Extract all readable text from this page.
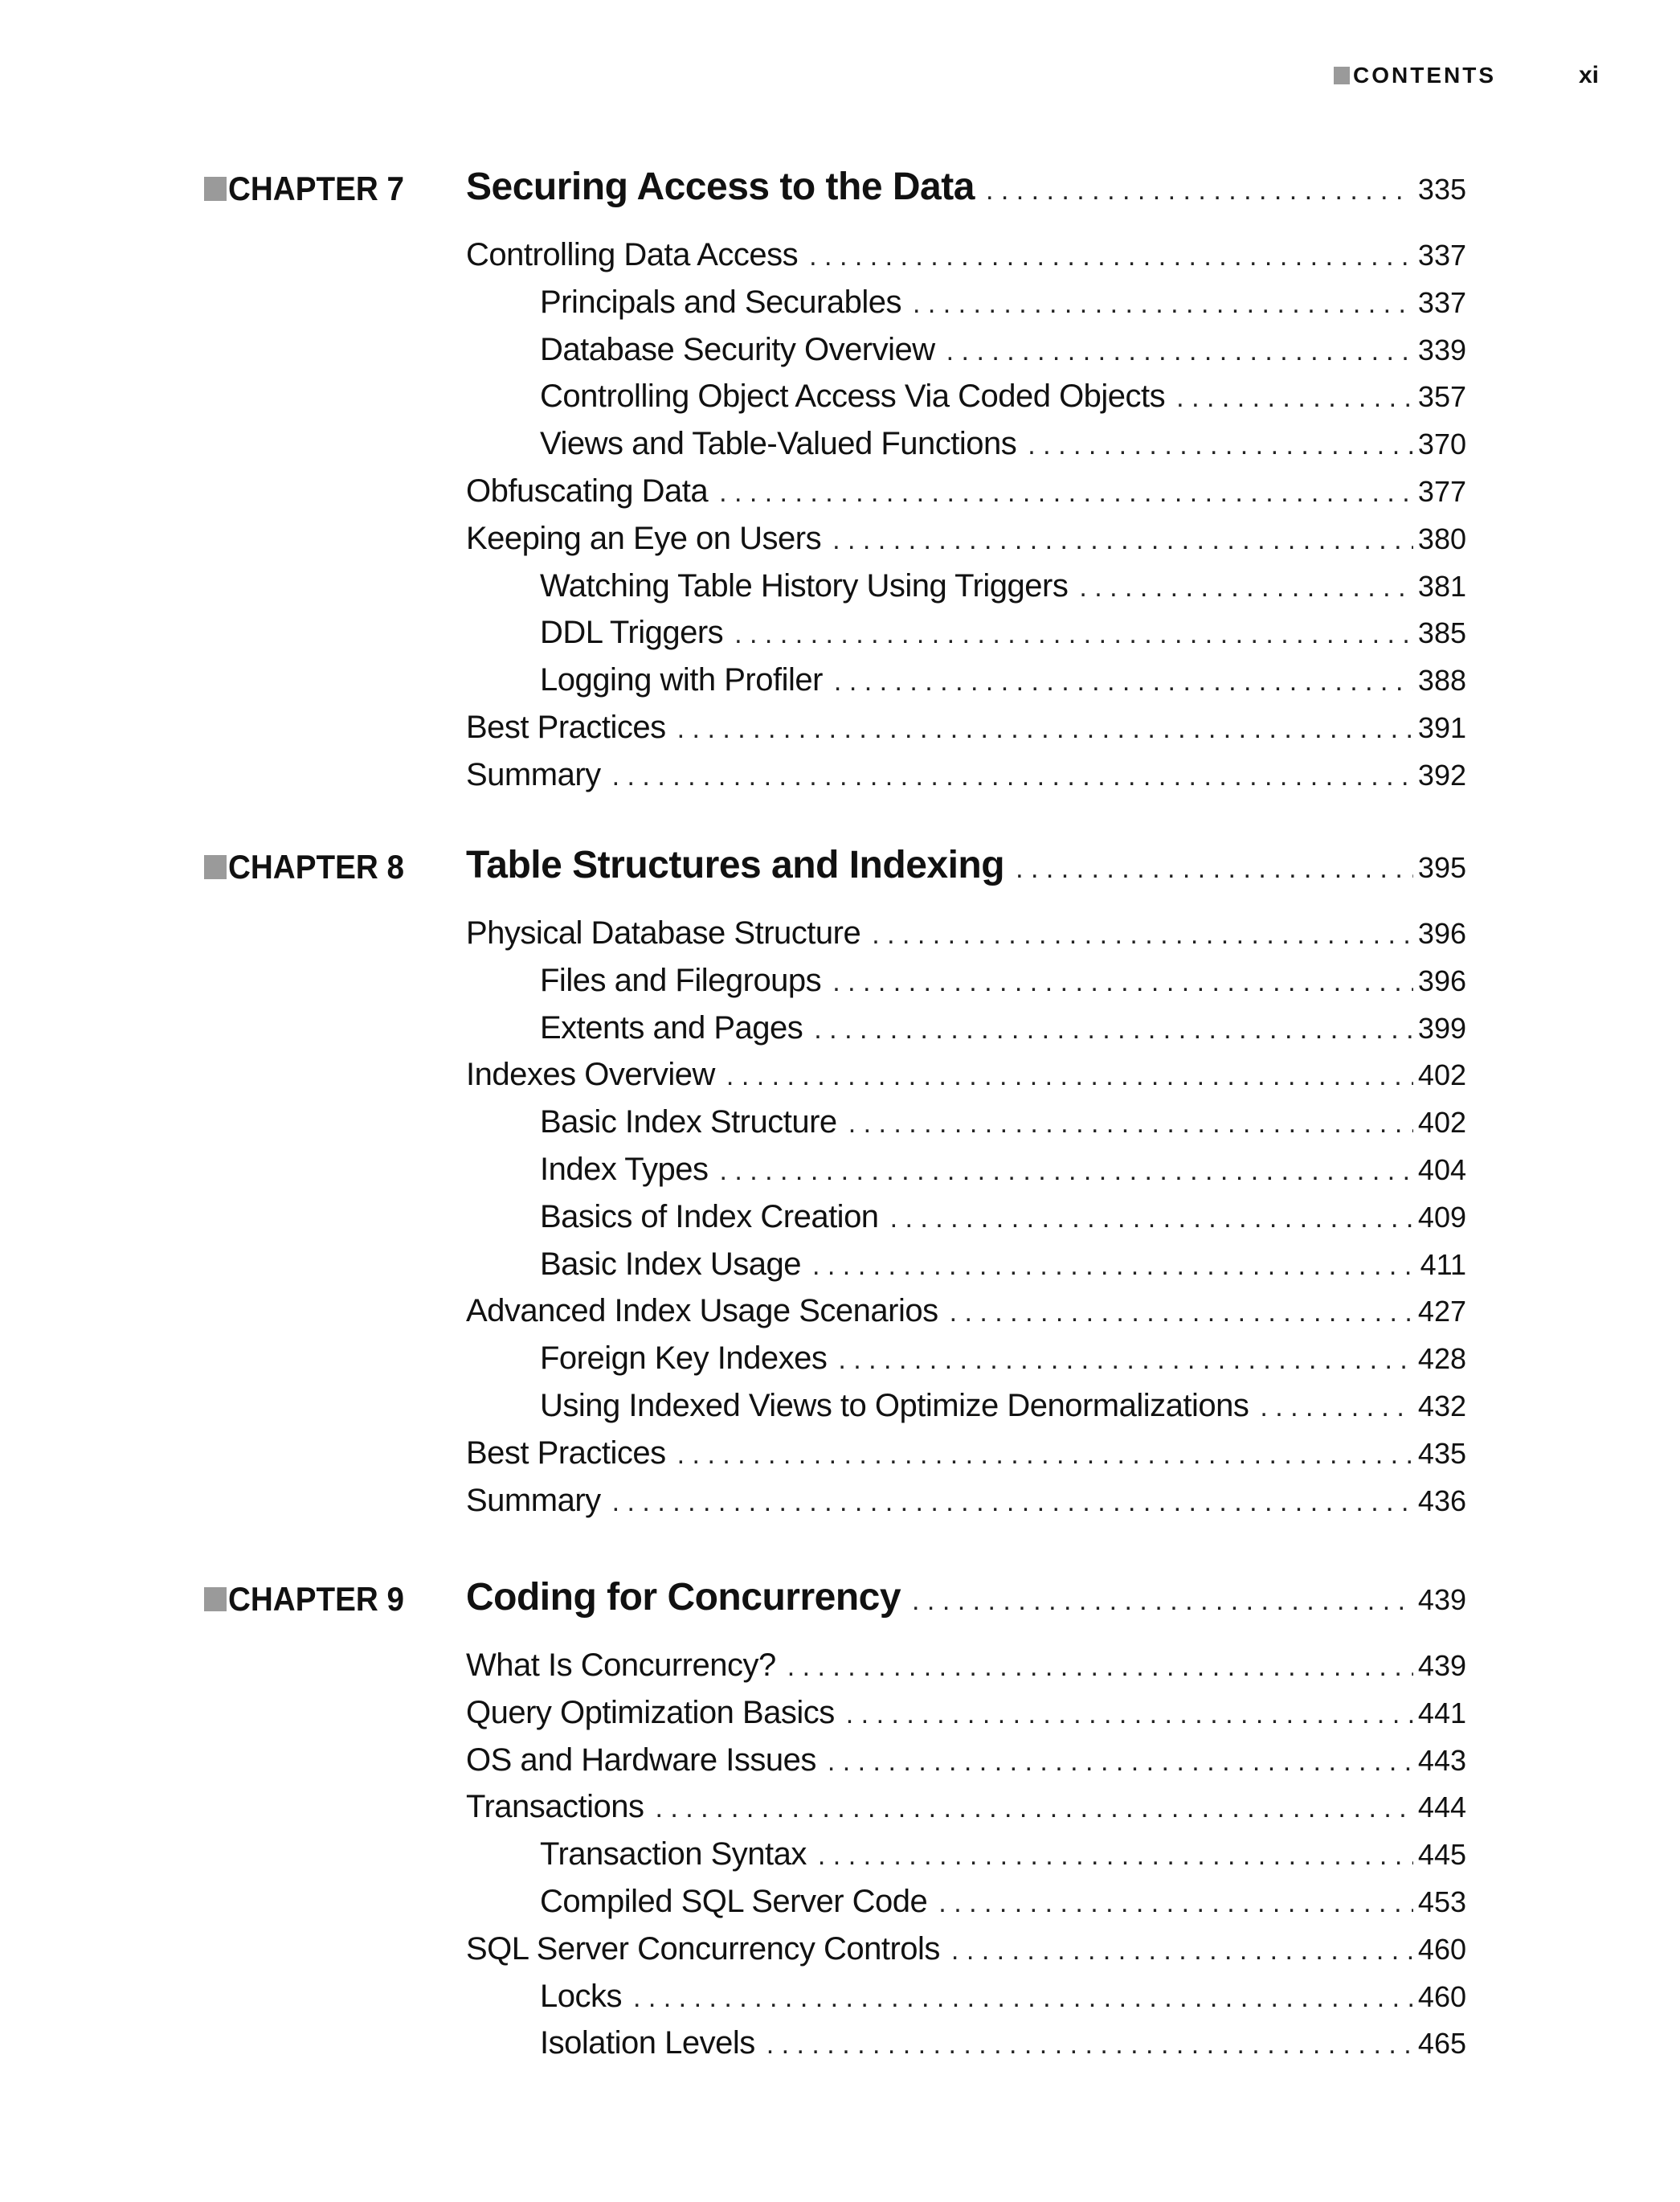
CONTENTS	xi
CHAPTER 7 Securing Access to the Data . . .	335
Controlling Data Access . . .	337
Principals and Securables . . .	337
Database Security Overview . . .	339
Controlling Object Access Via Coded Objects . . .	357
Views and Table-Valued Functions . . .	370
Obfuscating Data . . .	377
Keeping an Eye on Users . . .	380
Watching Table History Using Triggers . . .	381
DDL Triggers . . .	385
Logging with Profiler . . .	388
Best Practices . . .	391
Summary . . .	392
CHAPTER 8 Table Structures and Indexing . . .	395
Physical Database Structure . . .	396
Files and Filegroups . . .	396
Extents and Pages . . .	399
Indexes Overview . . .	402
Basic Index Structure . . .	402
Index Types . . .	404
Basics of Index Creation . . .	409
Basic Index Usage . . .	411
Advanced Index Usage Scenarios . . .	427
Foreign Key Indexes . . .	428
Using Indexed Views to Optimize Denormalizations . . .	432
Best Practices . . .	435
Summary . . .	436
CHAPTER 9 Coding for Concurrency . . .	439
What Is Concurrency? . . .	439
Query Optimization Basics . . .	441
OS and Hardware Issues . . .	443
Transactions . . .	444
Transaction Syntax . . .	445
Compiled SQL Server Code . . .	453
SQL Server Concurrency Controls . . .	460
Locks . . .	460
Isolation Levels . . .	465
